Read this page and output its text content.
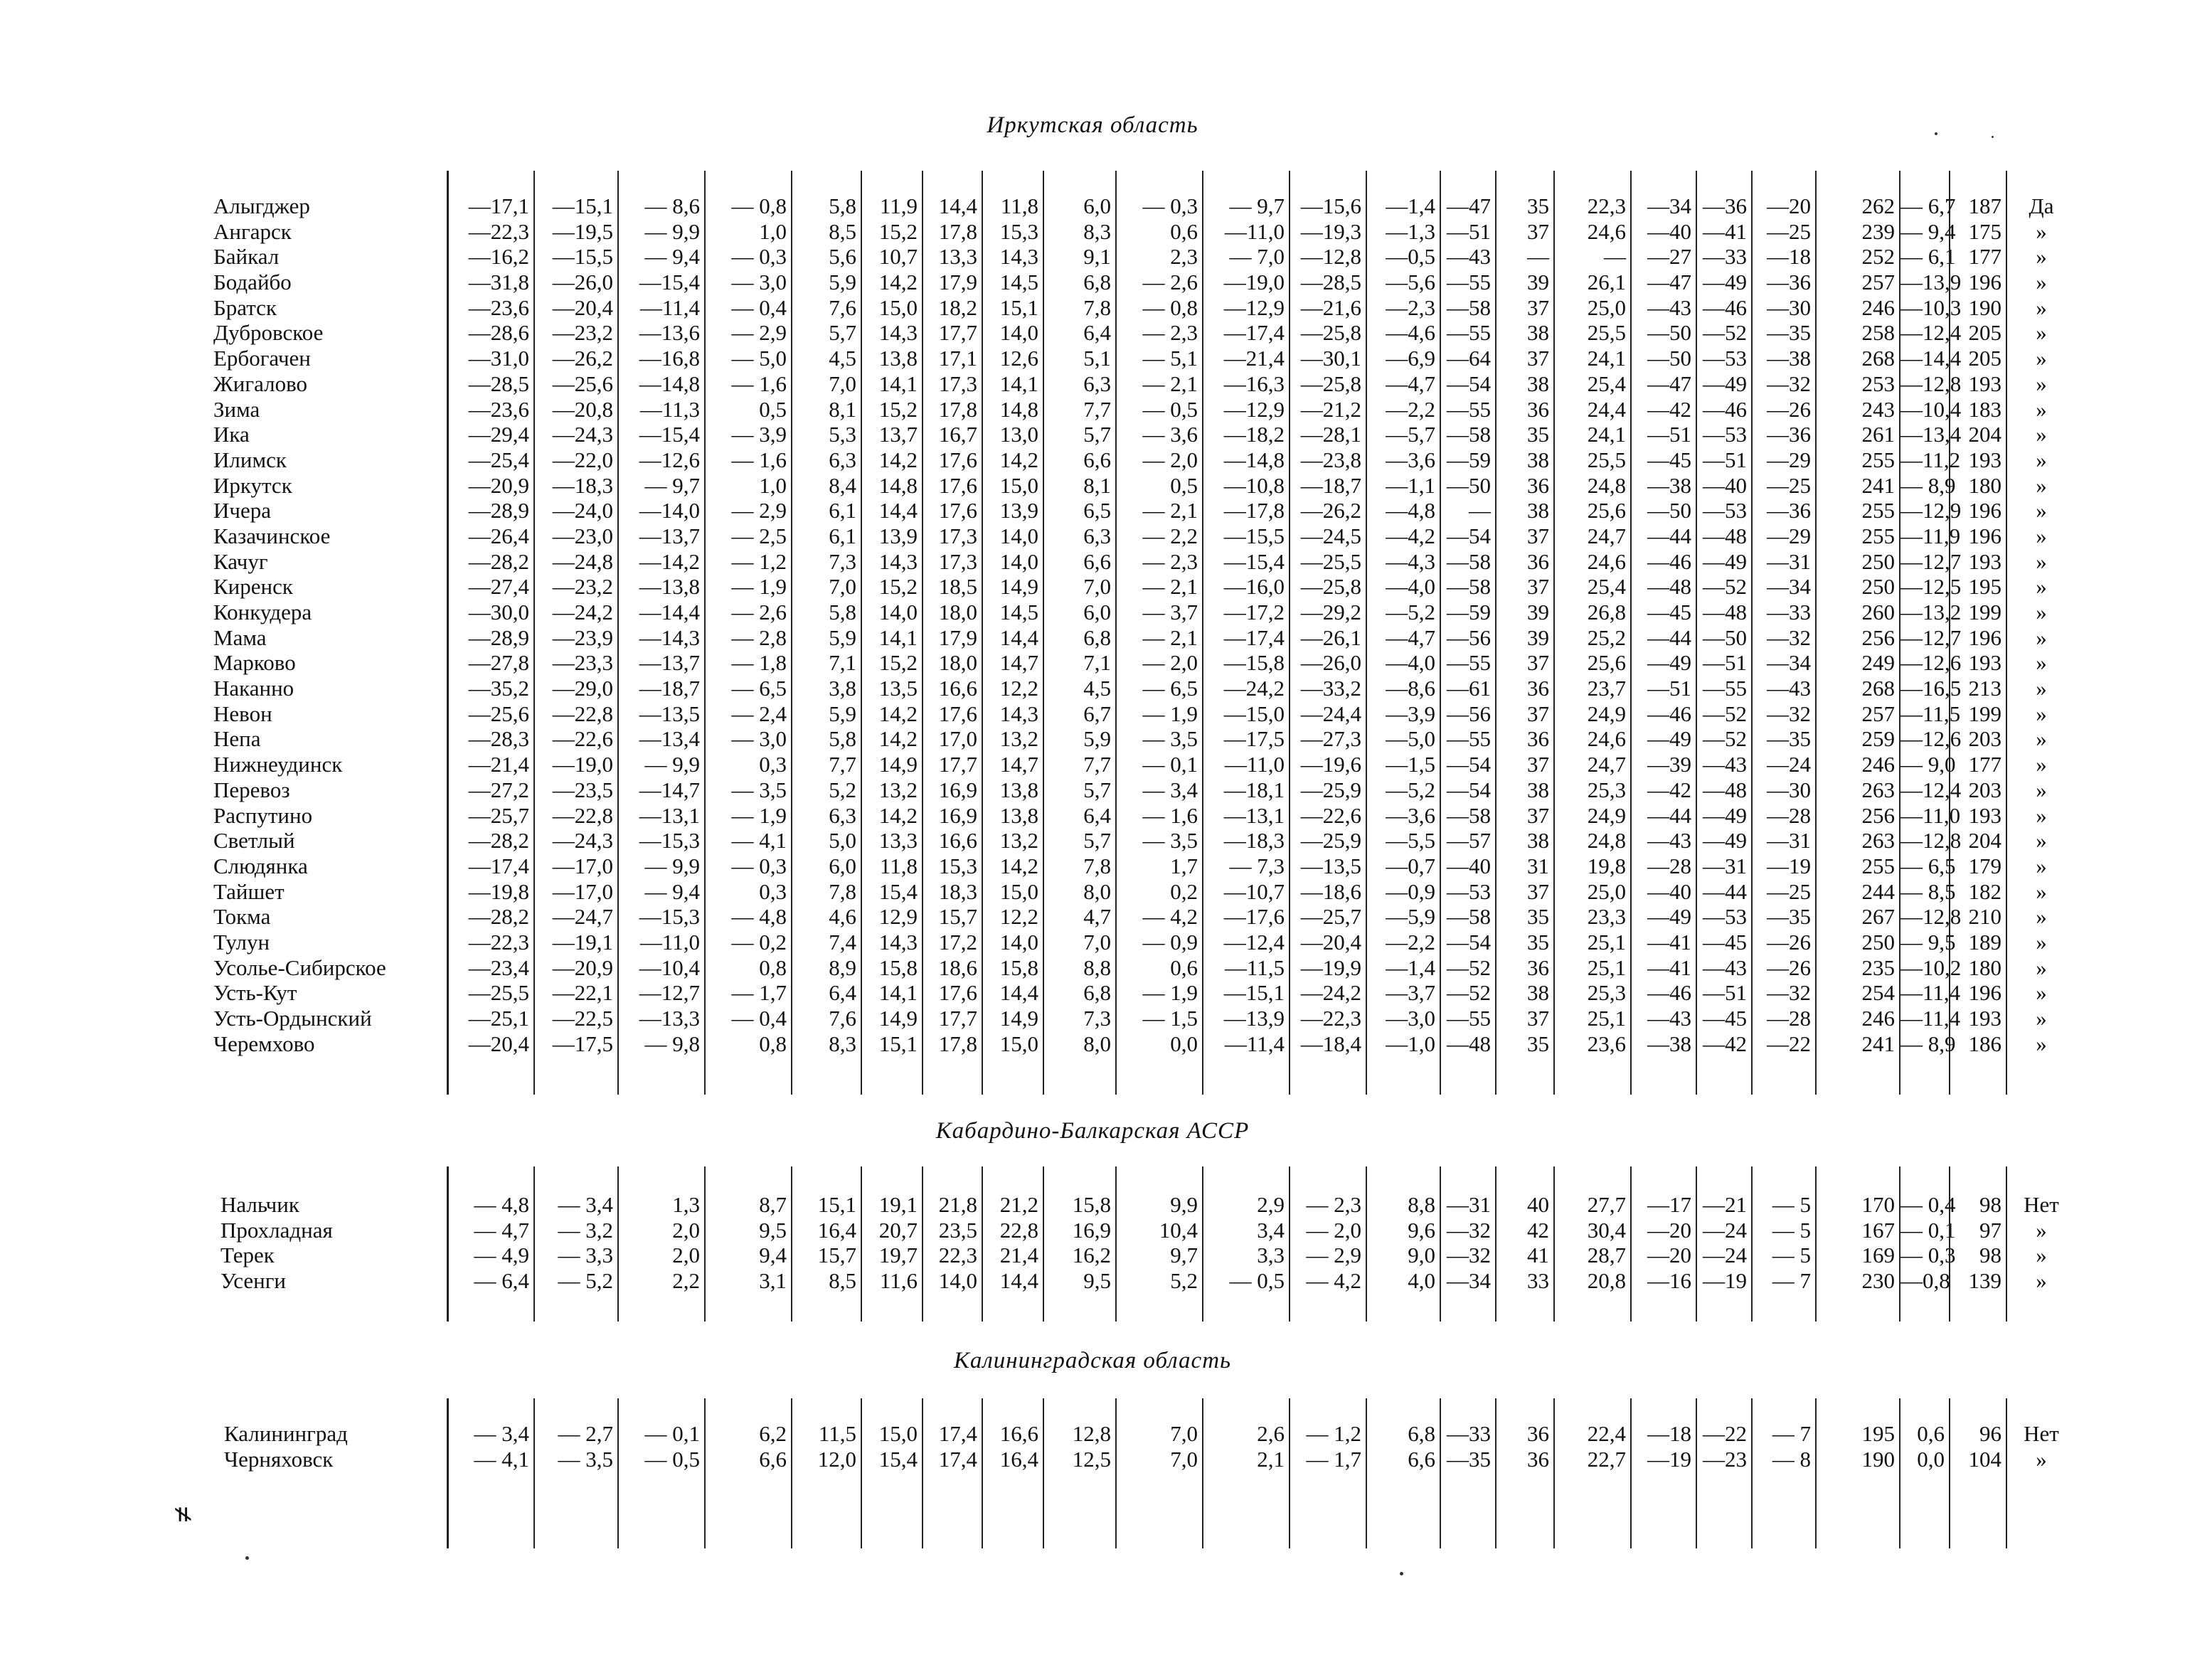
Иркутская область
Алыгджер
Ангарск
Байкал
Бодайбо
Братск
Дубровское
Ербогачен
Жигалово
Зима
Ика
Илимск
Иркутск
Ичера
Казачинское
Качуг
Киренск
Конкудера
Мама
Марково
Наканно
Невон
Непа
Нижнеудинск
Перевоз
Распутино
Светлый
Слюдянка
Тайшет
Токма
Тулун
Усолье-Сибирское
Усть-Кут
Усть-Ордынский
Черемхово
—17,1
—22,3
—16,2
—31,8
—23,6
—28,6
—31,0
—28,5
—23,6
—29,4
—25,4
—20,9
—28,9
—26,4
—28,2
—27,4
—30,0
—28,9
—27,8
—35,2
—25,6
—28,3
—21,4
—27,2
—25,7
—28,2
—17,4
—19,8
—28,2
—22,3
—23,4
—25,5
—25,1
—20,4
—15,1
—19,5
—15,5
—26,0
—20,4
—23,2
—26,2
—25,6
—20,8
—24,3
—22,0
—18,3
—24,0
—23,0
—24,8
—23,2
—24,2
—23,9
—23,3
—29,0
—22,8
—22,6
—19,0
—23,5
—22,8
—24,3
—17,0
—17,0
—24,7
—19,1
—20,9
—22,1
—22,5
—17,5
— 8,6
— 9,9
— 9,4
—15,4
—11,4
—13,6
—16,8
—14,8
—11,3
—15,4
—12,6
— 9,7
—14,0
—13,7
—14,2
—13,8
—14,4
—14,3
—13,7
—18,7
—13,5
—13,4
— 9,9
—14,7
—13,1
—15,3
— 9,9
— 9,4
—15,3
—11,0
—10,4
—12,7
—13,3
— 9,8
— 0,8
1,0
— 0,3
— 3,0
— 0,4
— 2,9
— 5,0
— 1,6
0,5
— 3,9
— 1,6
1,0
— 2,9
— 2,5
— 1,2
— 1,9
— 2,6
— 2,8
— 1,8
— 6,5
— 2,4
— 3,0
0,3
— 3,5
— 1,9
— 4,1
— 0,3
0,3
— 4,8
— 0,2
0,8
— 1,7
— 0,4
0,8
5,8
8,5
5,6
5,9
7,6
5,7
4,5
7,0
8,1
5,3
6,3
8,4
6,1
6,1
7,3
7,0
5,8
5,9
7,1
3,8
5,9
5,8
7,7
5,2
6,3
5,0
6,0
7,8
4,6
7,4
8,9
6,4
7,6
8,3
11,9
15,2
10,7
14,2
15,0
14,3
13,8
14,1
15,2
13,7
14,2
14,8
14,4
13,9
14,3
15,2
14,0
14,1
15,2
13,5
14,2
14,2
14,9
13,2
14,2
13,3
11,8
15,4
12,9
14,3
15,8
14,1
14,9
15,1
14,4
17,8
13,3
17,9
18,2
17,7
17,1
17,3
17,8
16,7
17,6
17,6
17,6
17,3
17,3
18,5
18,0
17,9
18,0
16,6
17,6
17,0
17,7
16,9
16,9
16,6
15,3
18,3
15,7
17,2
18,6
17,6
17,7
17,8
11,8
15,3
14,3
14,5
15,1
14,0
12,6
14,1
14,8
13,0
14,2
15,0
13,9
14,0
14,0
14,9
14,5
14,4
14,7
12,2
14,3
13,2
14,7
13,8
13,8
13,2
14,2
15,0
12,2
14,0
15,8
14,4
14,9
15,0
6,0
8,3
9,1
6,8
7,8
6,4
5,1
6,3
7,7
5,7
6,6
8,1
6,5
6,3
6,6
7,0
6,0
6,8
7,1
4,5
6,7
5,9
7,7
5,7
6,4
5,7
7,8
8,0
4,7
7,0
8,8
6,8
7,3
8,0
— 0,3
0,6
2,3
— 2,6
— 0,8
— 2,3
— 5,1
— 2,1
— 0,5
— 3,6
— 2,0
0,5
— 2,1
— 2,2
— 2,3
— 2,1
— 3,7
— 2,1
— 2,0
— 6,5
— 1,9
— 3,5
— 0,1
— 3,4
— 1,6
— 3,5
1,7
0,2
— 4,2
— 0,9
0,6
— 1,9
— 1,5
0,0
— 9,7
—11,0
— 7,0
—19,0
—12,9
—17,4
—21,4
—16,3
—12,9
—18,2
—14,8
—10,8
—17,8
—15,5
—15,4
—16,0
—17,2
—17,4
—15,8
—24,2
—15,0
—17,5
—11,0
—18,1
—13,1
—18,3
— 7,3
—10,7
—17,6
—12,4
—11,5
—15,1
—13,9
—11,4
—15,6
—19,3
—12,8
—28,5
—21,6
—25,8
—30,1
—25,8
—21,2
—28,1
—23,8
—18,7
—26,2
—24,5
—25,5
—25,8
—29,2
—26,1
—26,0
—33,2
—24,4
—27,3
—19,6
—25,9
—22,6
—25,9
—13,5
—18,6
—25,7
—20,4
—19,9
—24,2
—22,3
—18,4
—1,4
—1,3
—0,5
—5,6
—2,3
—4,6
—6,9
—4,7
—2,2
—5,7
—3,6
—1,1
—4,8
—4,2
—4,3
—4,0
—5,2
—4,7
—4,0
—8,6
—3,9
—5,0
—1,5
—5,2
—3,6
—5,5
—0,7
—0,9
—5,9
—2,2
—1,4
—3,7
—3,0
—1,0
—47
—51
—43
—55
—58
—55
—64
—54
—55
—58
—59
—50
—
—54
—58
—58
—59
—56
—55
—61
—56
—55
—54
—54
—58
—57
—40
—53
—58
—54
—52
—52
—55
—48
35
37
—
39
37
38
37
38
36
35
38
36
38
37
36
37
39
39
37
36
37
36
37
38
37
38
31
37
35
35
36
38
37
35
22,3
24,6
—
26,1
25,0
25,5
24,1
25,4
24,4
24,1
25,5
24,8
25,6
24,7
24,6
25,4
26,8
25,2
25,6
23,7
24,9
24,6
24,7
25,3
24,9
24,8
19,8
25,0
23,3
25,1
25,1
25,3
25,1
23,6
—34
—40
—27
—47
—43
—50
—50
—47
—42
—51
—45
—38
—50
—44
—46
—48
—45
—44
—49
—51
—46
—49
—39
—42
—44
—43
—28
—40
—49
—41
—41
—46
—43
—38
—36
—41
—33
—49
—46
—52
—53
—49
—46
—53
—51
—40
—53
—48
—49
—52
—48
—50
—51
—55
—52
—52
—43
—48
—49
—49
—31
—44
—53
—45
—43
—51
—45
—42
—20
—25
—18
—36
—30
—35
—38
—32
—26
—36
—29
—25
—36
—29
—31
—34
—33
—32
—34
—43
—32
—35
—24
—30
—28
—31
—19
—25
—35
—26
—26
—32
—28
—22
262
239
252
257
246
258
268
253
243
261
255
241
255
255
250
250
260
256
249
268
257
259
246
263
256
263
255
244
267
250
235
254
246
241
— 6,7
— 9,4
— 6,1
—13,9
—10,3
—12,4
—14,4
—12,8
—10,4
—13,4
—11,2
— 8,9
—12,9
—11,9
—12,7
—12,5
—13,2
—12,7
—12,6
—16,5
—11,5
—12,6
— 9,0
—12,4
—11,0
—12,8
— 6,5
— 8,5
—12,8
— 9,5
—10,2
—11,4
—11,4
— 8,9
187
175
177
196
190
205
205
193
183
204
193
180
196
196
193
195
199
196
193
213
199
203
177
203
193
204
179
182
210
189
180
196
193
186
Да
»
»
»
»
»
»
»
»
»
»
»
»
»
»
»
»
»
»
»
»
»
»
»
»
»
»
»
»
»
»
»
»
»
Кабардино-Балкарская АССР
Нальчик
Прохладная
Терек
Усенги
— 4,8
— 4,7
— 4,9
— 6,4
— 3,4
— 3,2
— 3,3
— 5,2
1,3
2,0
2,0
2,2
8,7
9,5
9,4
3,1
15,1
16,4
15,7
8,5
19,1
20,7
19,7
11,6
21,8
23,5
22,3
14,0
21,2
22,8
21,4
14,4
15,8
16,9
16,2
9,5
9,9
10,4
9,7
5,2
2,9
3,4
3,3
— 0,5
— 2,3
— 2,0
— 2,9
— 4,2
8,8
9,6
9,0
4,0
—31
—32
—32
—34
40
42
41
33
27,7
30,4
28,7
20,8
—17
—20
—20
—16
—21
—24
—24
—19
— 5
— 5
— 5
— 7
170
167
169
230
— 0,4
— 0,1
— 0,3
—0,8
98
97
98
139
Нет
»
»
»
Калининградская область
Калининград
Черняховск
— 3,4
— 4,1
— 2,7
— 3,5
— 0,1
— 0,5
6,2
6,6
11,5
12,0
15,0
15,4
17,4
17,4
16,6
16,4
12,8
12,5
7,0
7,0
2,6
2,1
— 1,2
— 1,7
6,8
6,6
—33
—35
36
36
22,4
22,7
—18
—19
—22
—23
— 7
— 8
195
190
0,6
0,0
96
104
Нет
»
≠
